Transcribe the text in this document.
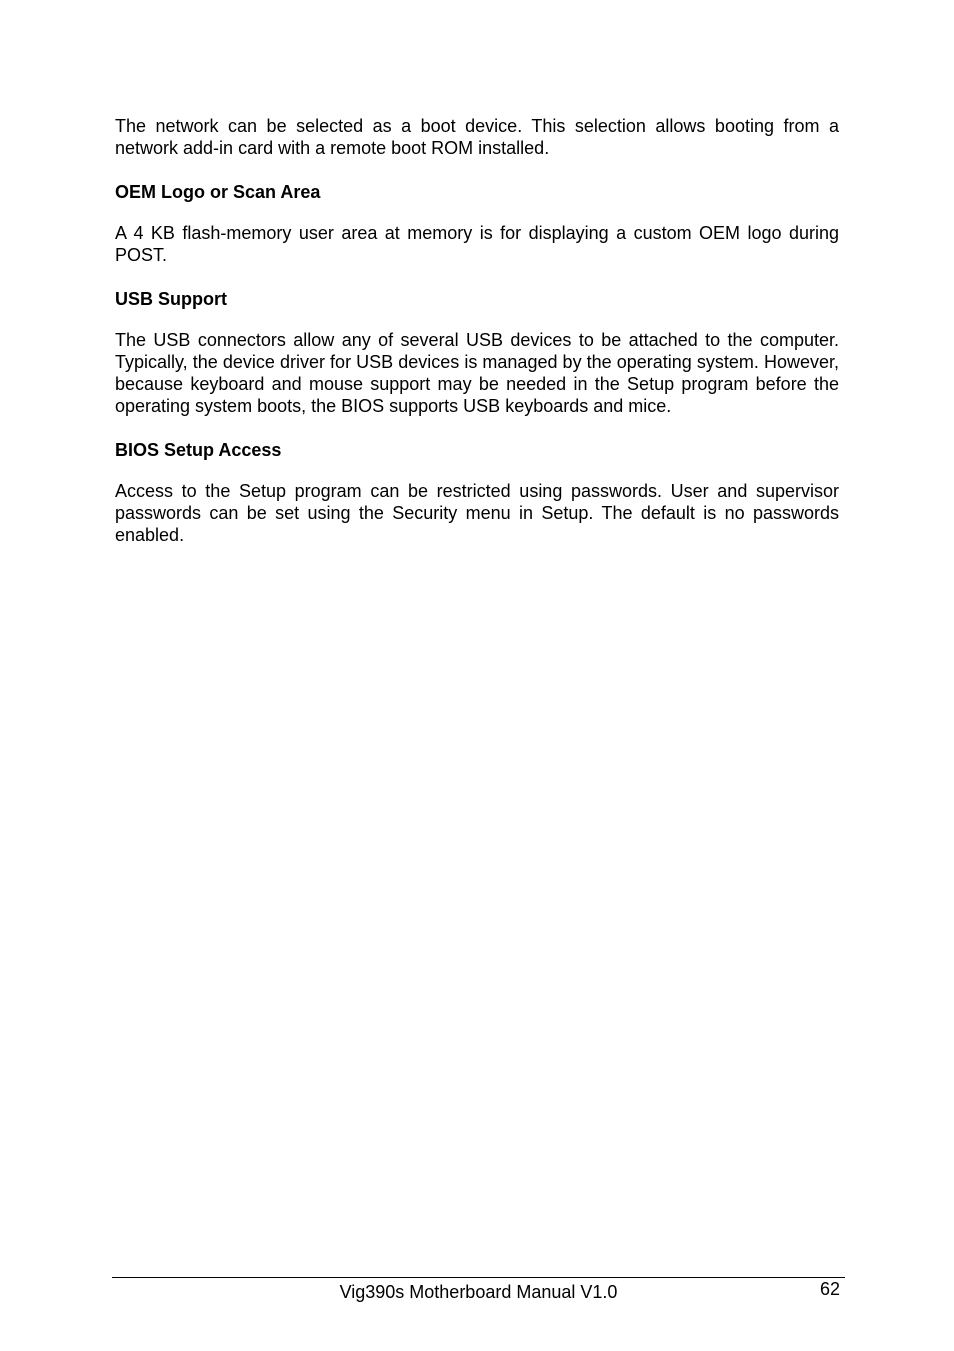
The network can be selected as a boot device. This selection allows booting from a network add-in card with a remote boot ROM installed.

OEM Logo or Scan Area

A 4 KB flash-memory user area at memory is for displaying a custom OEM logo during POST.

USB Support

The USB connectors allow any of several USB devices to be attached to the computer. Typically, the device driver for USB devices is managed by the operating system. However, because keyboard and mouse support may be needed in the Setup program before the operating system boots, the BIOS supports USB keyboards and mice.

BIOS Setup Access

Access to the Setup program can be restricted using passwords. User and supervisor passwords can be set using the Security menu in Setup. The default is no passwords enabled.

Vig390s Motherboard Manual V1.0	62
